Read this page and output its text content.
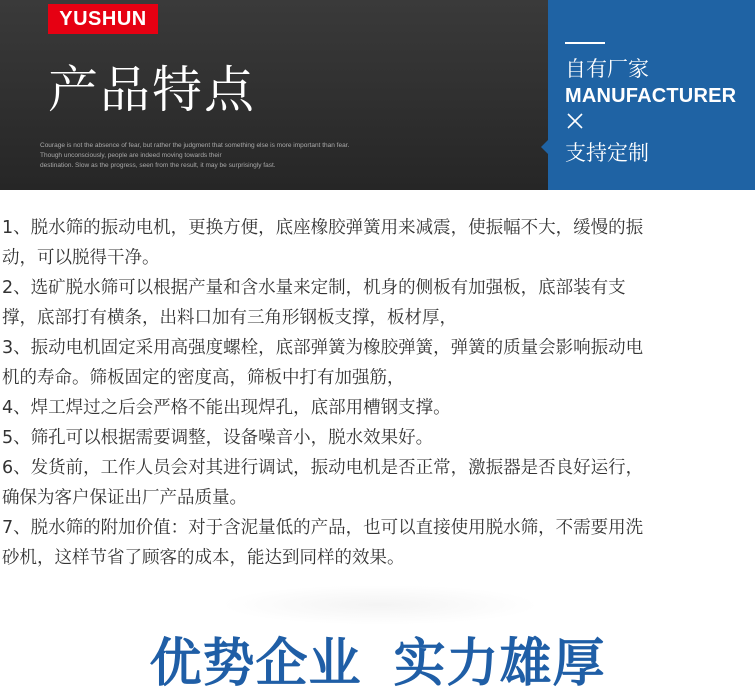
YUSHUN
产品特点
Courage is not the absence of fear, but rather the judgment that something else is more important than fear.
Though unconsciously, people are indeed moving towards their
destination. Slow as the progress, seen from the result, it may be surprisingly fast.
自有厂家
MANUFACTURER
支持定制

1、脱水筛的振动电机，更换方便，底座橡胶弹簧用来减震，使振幅不大，缓慢的振
动，可以脱得干净。

2、选矿脱水筛可以根据产量和含水量来定制，机身的侧板有加强板，底部装有支
撑，底部打有横条，出料口加有三角形钢板支撑，板材厚，

3、振动电机固定采用高强度螺栓，底部弹簧为橡胶弹簧，弹簧的质量会影响振动电
机的寿命。筛板固定的密度高，筛板中打有加强筋，

4、焊工焊过之后会严格不能出现焊孔，底部用槽钢支撑。

5、筛孔可以根据需要调整，设备噪音小，脱水效果好。

6、发货前，工作人员会对其进行调试，振动电机是否正常，激振器是否良好运行，
确保为客户保证出厂产品质量。

7、脱水筛的附加价值：对于含泥量低的产品，也可以直接使用脱水筛，不需要用洗
砂机，这样节省了顾客的成本，能达到同样的效果。

优势企业 实力雄厚
